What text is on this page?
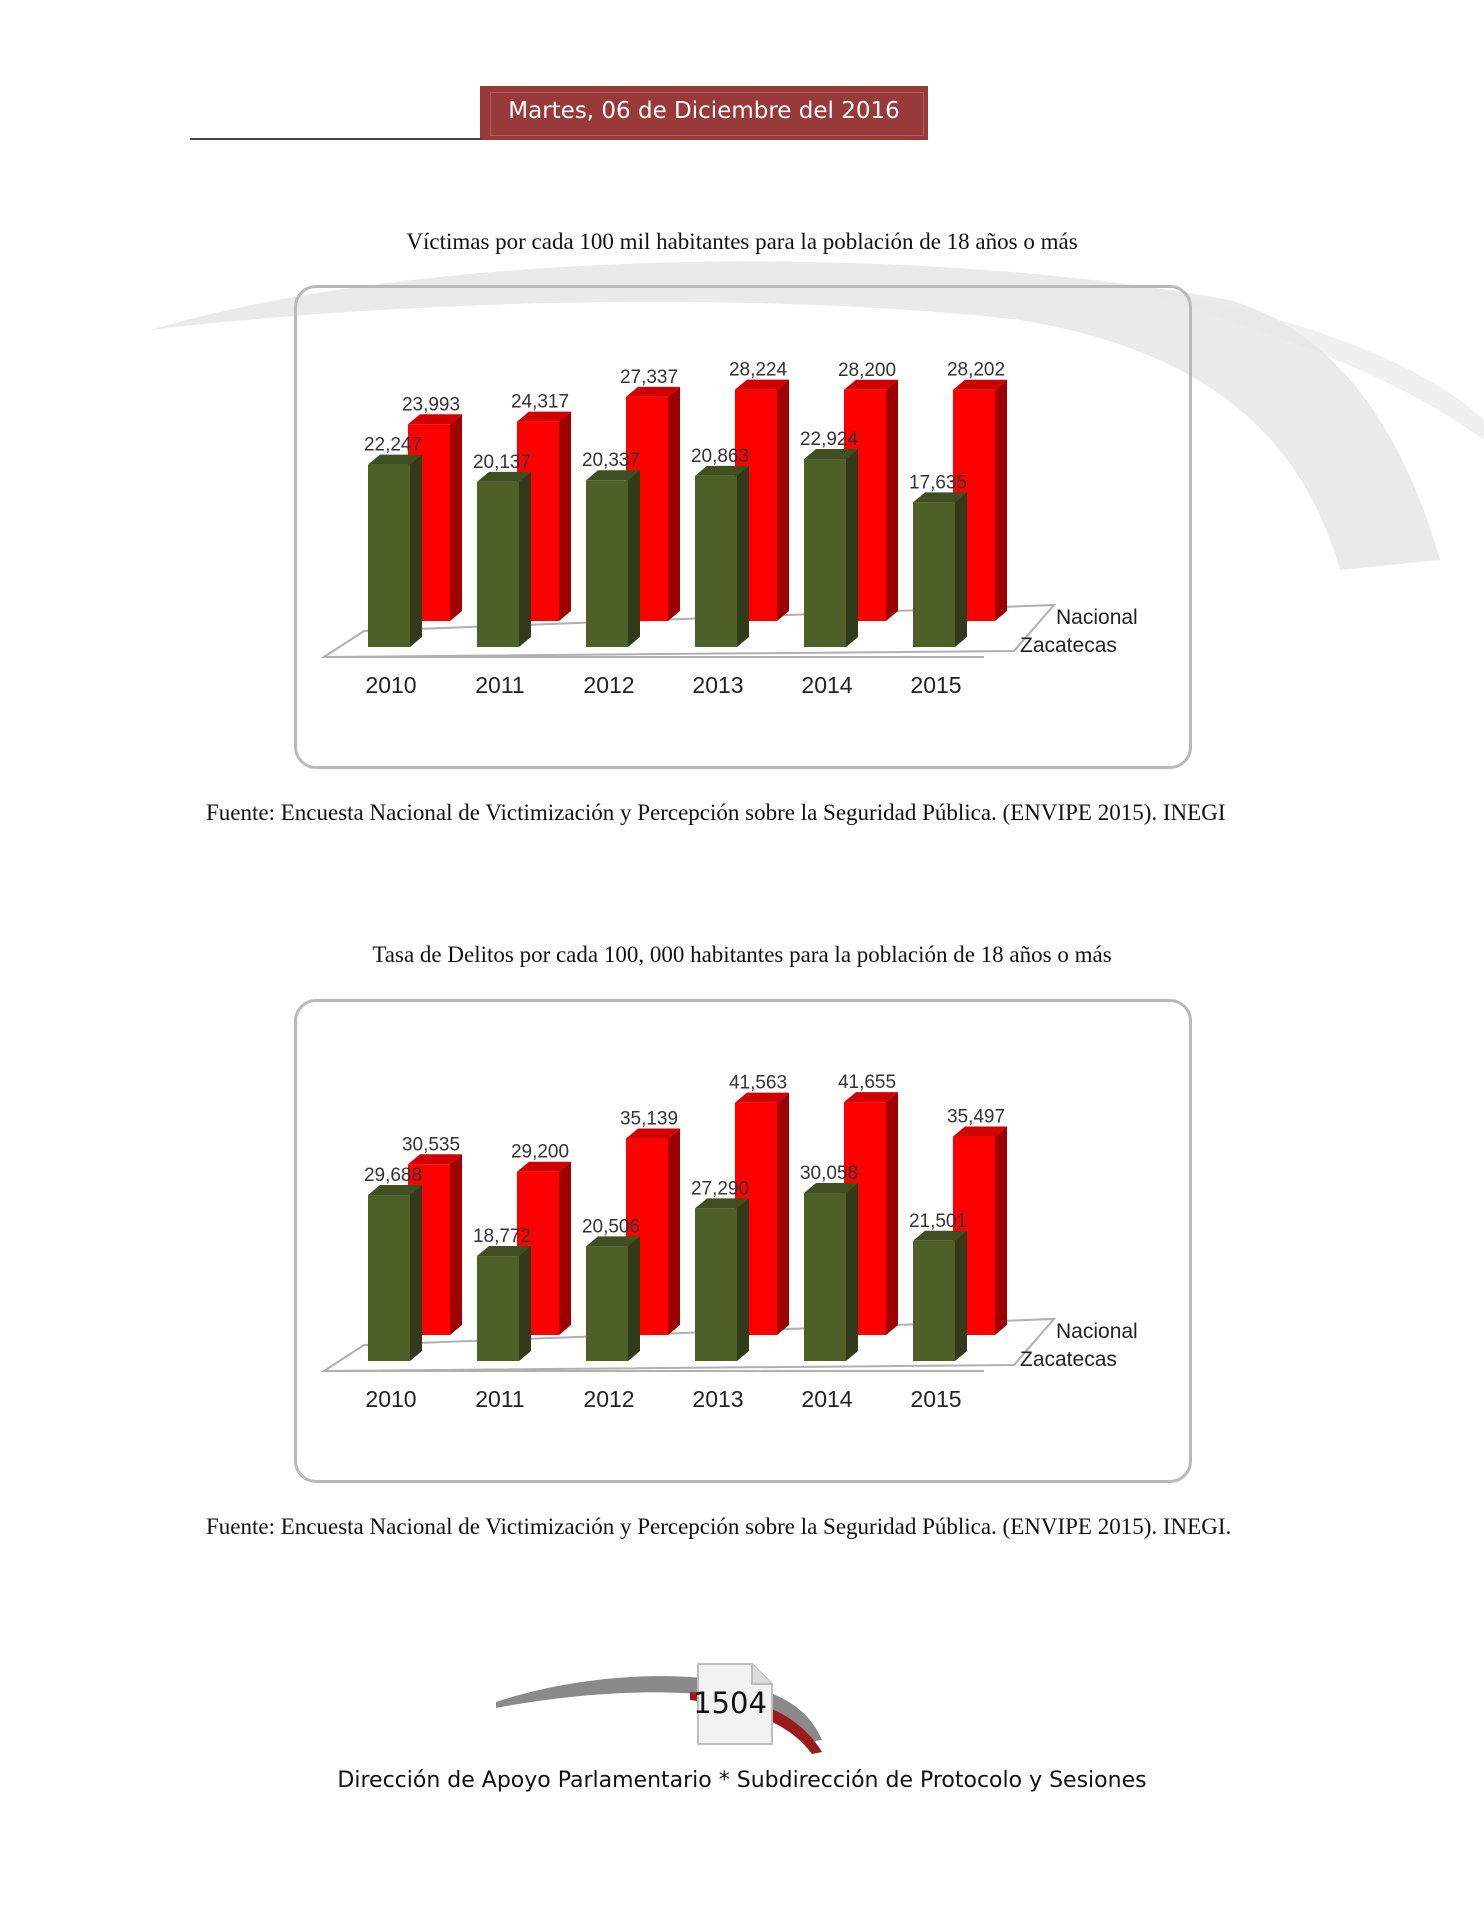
Martes, 06 de Diciembre del 2016
Víctimas por cada 100 mil habitantes para la población de 18 años o más
23,993
22,247
2010
24,317
20,137
2011
27,337
20,337
2012
28,224
20,863
2013
28,200
22,924
2014
28,202
17,635
2015
Nacional
Zacatecas
Fuente: Encuesta Nacional de Victimización y Percepción sobre la Seguridad Pública. (ENVIPE 2015). INEGI
Tasa de Delitos por cada 100, 000 habitantes para la población de 18 años o más
30,535
29,688
2010
29,200
18,772
2011
35,139
20,506
2012
41,563
27,290
2013
41,655
30,058
2014
35,497
21,501
2015
Nacional
Zacatecas
Fuente: Encuesta Nacional de Victimización y Percepción sobre la Seguridad Pública. (ENVIPE 2015). INEGI.
1504
Dirección de Apoyo Parlamentario * Subdirección de Protocolo y Sesiones
